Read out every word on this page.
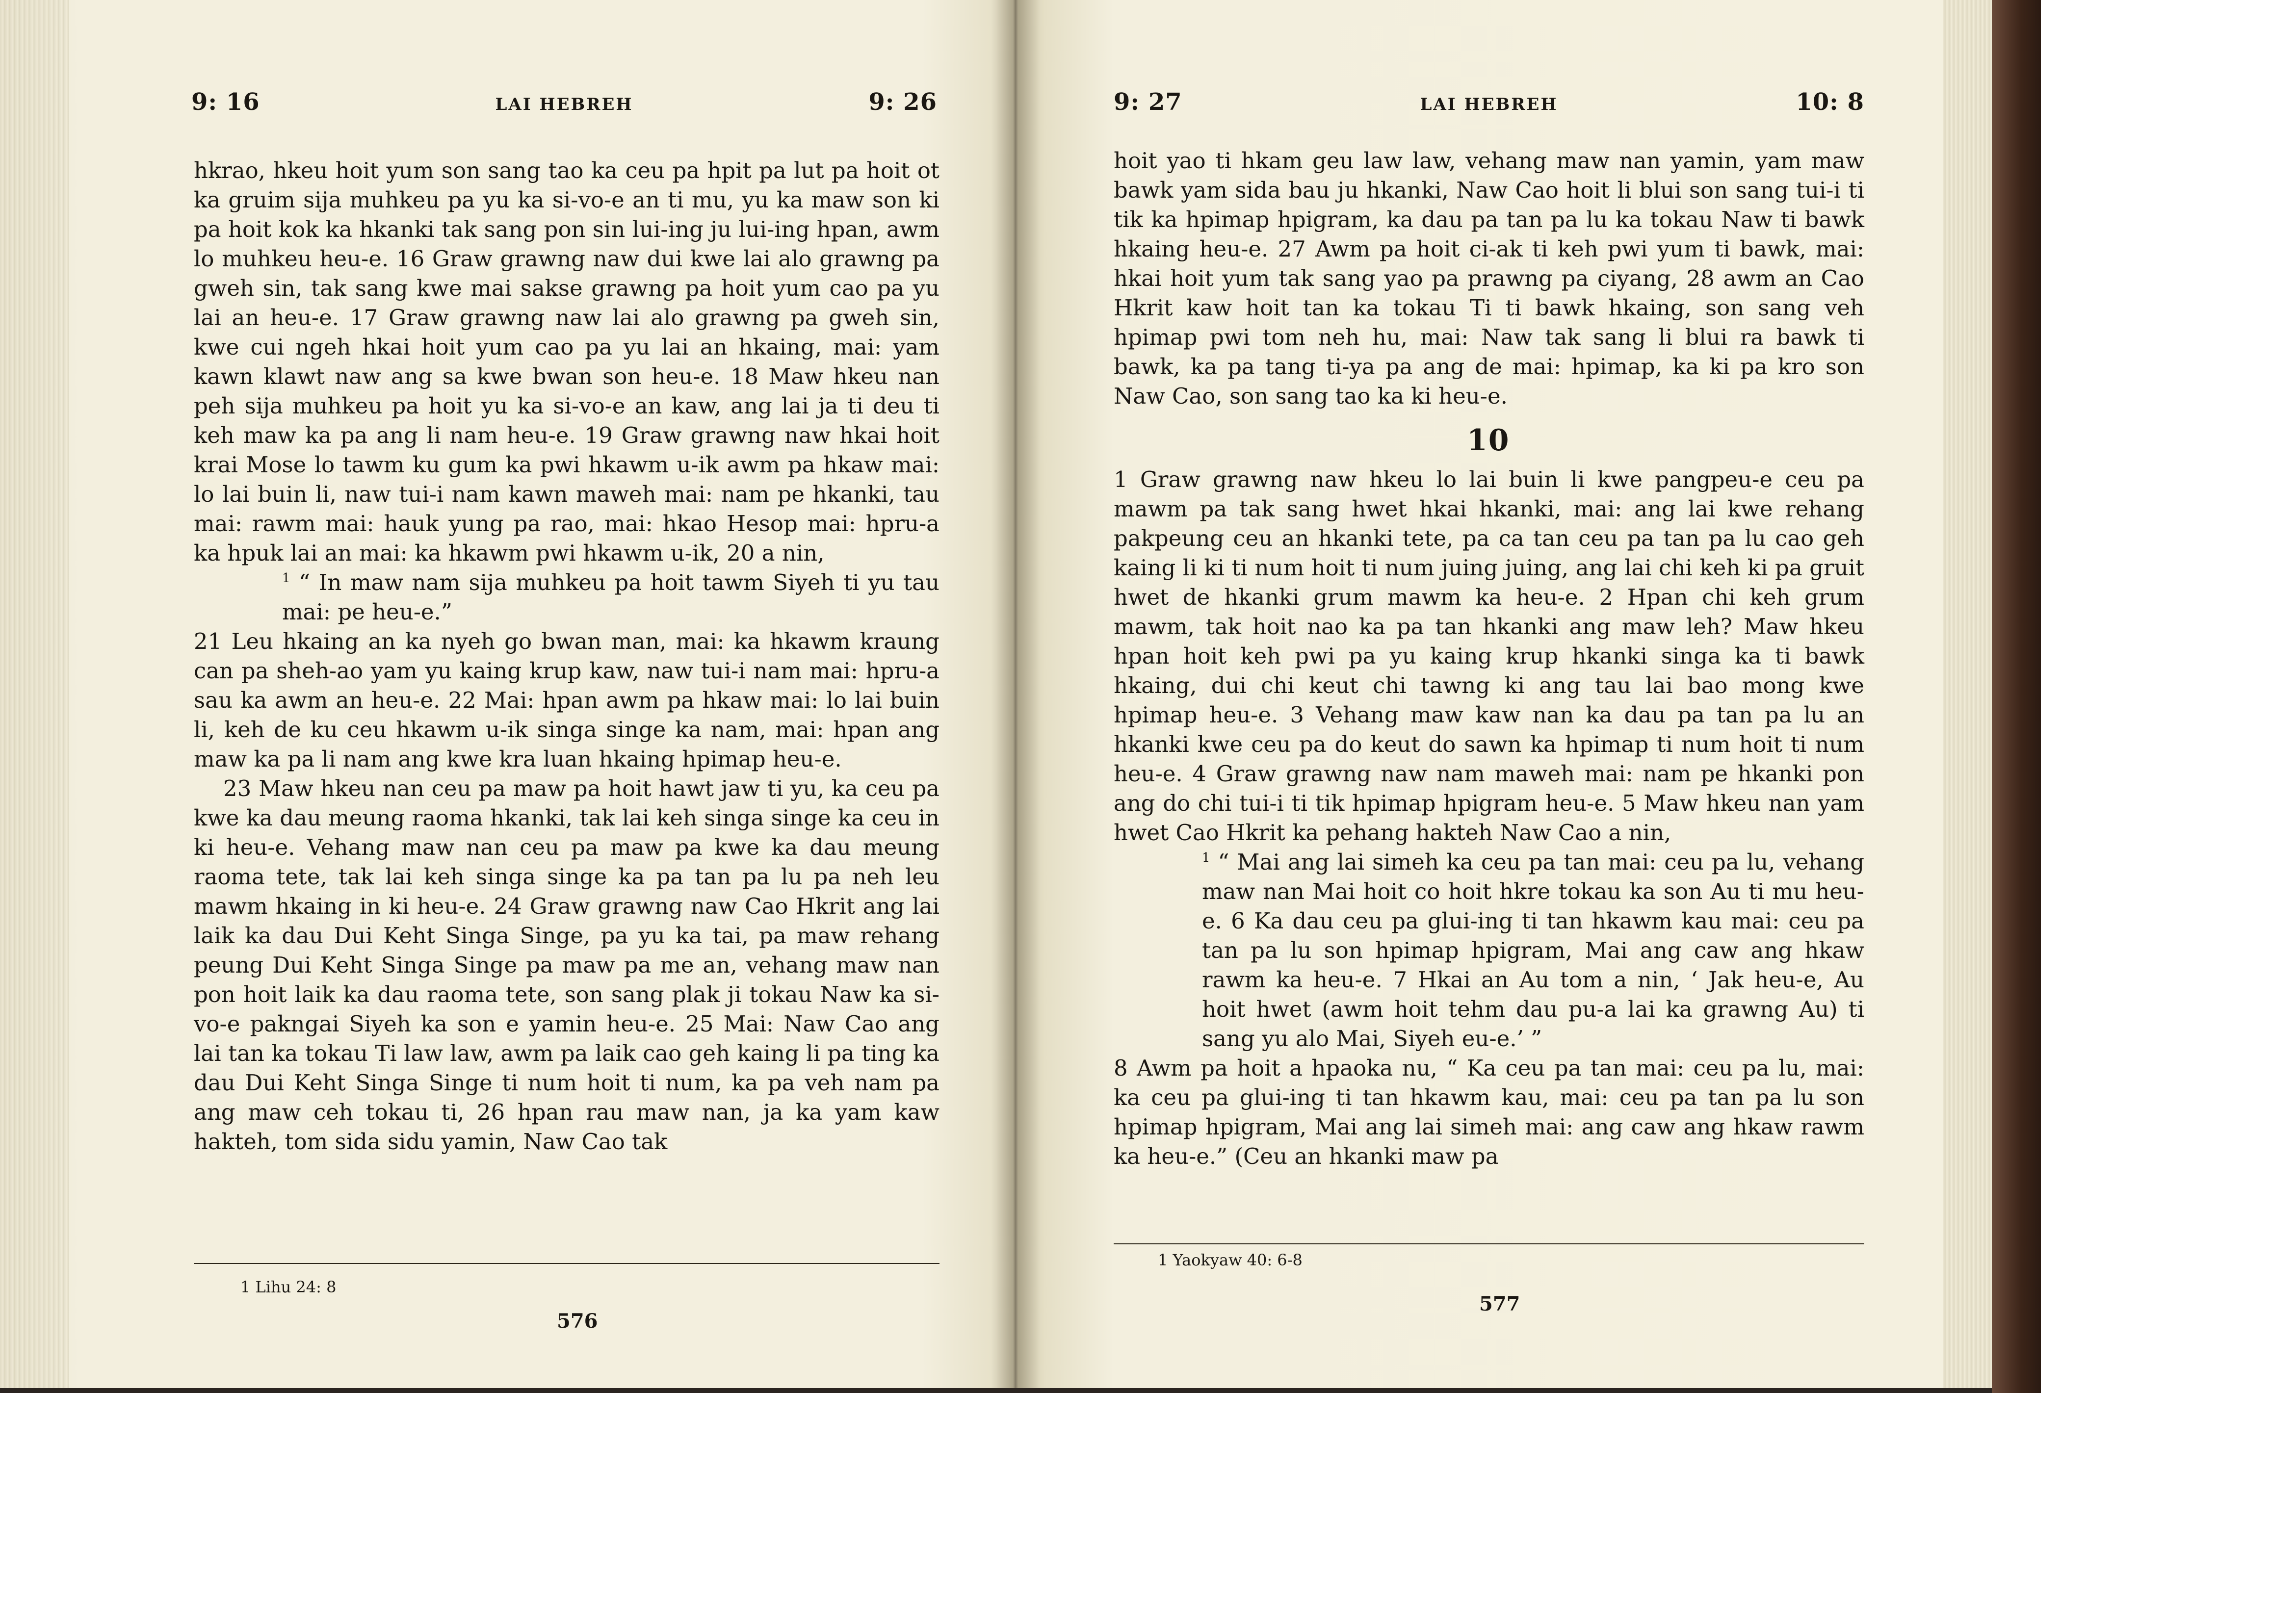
9: 16	LAI HEBREH	9: 26

hkrao, hkeu hoit yum son sang tao ka ceu pa hpit pa lut pa hoit ot ka gruim sija muhkeu pa yu ka si-vo-e an ti mu, yu ka maw son ki pa hoit kok ka hkanki tak sang pon sin lui-ing ju lui-ing hpan, awm lo muhkeu heu-e. 16 Graw grawng naw dui kwe lai alo grawng pa gweh sin, tak sang kwe mai sakse grawng pa hoit yum cao pa yu lai an heu-e. 17 Graw grawng naw lai alo grawng pa gweh sin, kwe cui ngeh hkai hoit yum cao pa yu lai an hkaing, mai: yam kawn klawt naw ang sa kwe bwan son heu-e. 18 Maw hkeu nan peh sija muhkeu pa hoit yu ka si-vo-e an kaw, ang lai ja ti deu ti keh maw ka pa ang li nam heu-e. 19 Graw grawng naw hkai hoit krai Mose lo tawm ku gum ka pwi hkawm u-ik awm pa hkaw mai: lo lai buin li, naw tui-i nam kawn maweh mai: nam pe hkanki, tau mai: rawm mai: hauk yung pa rao, mai: hkao Hesop mai: hpru-a ka hpuk lai an mai: ka hkawm pwi hkawm u-ik, 20 a nin,

$^1$ “ In maw nam sija muhkeu pa hoit tawm Siyeh ti yu tau mai: pe heu-e.”

21 Leu hkaing an ka nyeh go bwan man, mai: ka hkawm kraung can pa sheh-ao yam yu kaing krup kaw, naw tui-i nam mai: hpru-a sau ka awm an heu-e. 22 Mai: hpan awm pa hkaw mai: lo lai buin li, keh de ku ceu hkawm u-ik singa singe ka nam, mai: hpan ang maw ka pa li nam ang kwe kra luan hkaing hpimap heu-e.

23 Maw hkeu nan ceu pa maw pa hoit hawt jaw ti yu, ka ceu pa kwe ka dau meung raoma hkanki, tak lai keh singa singe ka ceu in ki heu-e. Vehang maw nan ceu pa maw pa kwe ka dau meung raoma tete, tak lai keh singa singe ka pa tan pa lu pa neh leu mawm hkaing in ki heu-e. 24 Graw grawng naw Cao Hkrit ang lai laik ka dau Dui Keht Singa Singe, pa yu ka tai, pa maw rehang peung Dui Keht Singa Singe pa maw pa me an, vehang maw nan pon hoit laik ka dau raoma tete, son sang plak ji tokau Naw ka si-vo-e pakngai Siyeh ka son e yamin heu-e. 25 Mai: Naw Cao ang lai tan ka tokau Ti law law, awm pa laik cao geh kaing li pa ting ka dau Dui Keht Singa Singe ti num hoit ti num, ka pa veh nam pa ang maw ceh tokau ti, 26 hpan rau maw nan, ja ka yam kaw hakteh, tom sida sidu yamin, Naw Cao tak

1 Lihu 24: 8
576
9: 27	LAI HEBREH	10: 8

hoit yao ti hkam geu law law, vehang maw nan yamin, yam maw bawk yam sida bau ju hkanki, Naw Cao hoit li blui son sang tui-i ti tik ka hpimap hpigram, ka dau pa tan pa lu ka tokau Naw ti bawk hkaing heu-e. 27 Awm pa hoit ci-ak ti keh pwi yum ti bawk, mai: hkai hoit yum tak sang yao pa prawng pa ciyang, 28 awm an Cao Hkrit kaw hoit tan ka tokau Ti ti bawk hkaing, son sang veh hpimap pwi tom neh hu, mai: Naw tak sang li blui ra bawk ti bawk, ka pa tang ti-ya pa ang de mai: hpimap, ka ki pa kro son Naw Cao, son sang tao ka ki heu-e.

10

1 Graw grawng naw hkeu lo lai buin li kwe pangpeu-e ceu pa mawm pa tak sang hwet hkai hkanki, mai: ang lai kwe rehang pakpeung ceu an hkanki tete, pa ca tan ceu pa tan pa lu cao geh kaing li ki ti num hoit ti num juing juing, ang lai chi keh ki pa gruit hwet de hkanki grum mawm ka heu-e. 2 Hpan chi keh grum mawm, tak hoit nao ka pa tan hkanki ang maw leh? Maw hkeu hpan hoit keh pwi pa yu kaing krup hkanki singa ka ti bawk hkaing, dui chi keut chi tawng ki ang tau lai bao mong kwe hpimap heu-e. 3 Vehang maw kaw nan ka dau pa tan pa lu an hkanki kwe ceu pa do keut do sawn ka hpimap ti num hoit ti num heu-e. 4 Graw grawng naw nam maweh mai: nam pe hkanki pon ang do chi tui-i ti tik hpimap hpigram heu-e. 5 Maw hkeu nan yam hwet Cao Hkrit ka pehang hakteh Naw Cao a nin,

$^1$ “ Mai ang lai simeh ka ceu pa tan mai: ceu pa lu, vehang maw nan Mai hoit co hoit hkre tokau ka son Au ti mu heu-e. 6 Ka dau ceu pa glui-ing ti tan hkawm kau mai: ceu pa tan pa lu son hpimap hpigram, Mai ang caw ang hkaw rawm ka heu-e. 7 Hkai an Au tom a nin, ‘ Jak heu-e, Au hoit hwet (awm hoit tehm dau pu-a lai ka grawng Au) ti sang yu alo Mai, Siyeh eu-e.’ ”

8 Awm pa hoit a hpaoka nu, “ Ka ceu pa tan mai: ceu pa lu, mai: ka ceu pa glui-ing ti tan hkawm kau, mai: ceu pa tan pa lu son hpimap hpigram, Mai ang lai simeh mai: ang caw ang hkaw rawm ka heu-e.” (Ceu an hkanki maw pa

1 Yaokyaw 40: 6-8
577
